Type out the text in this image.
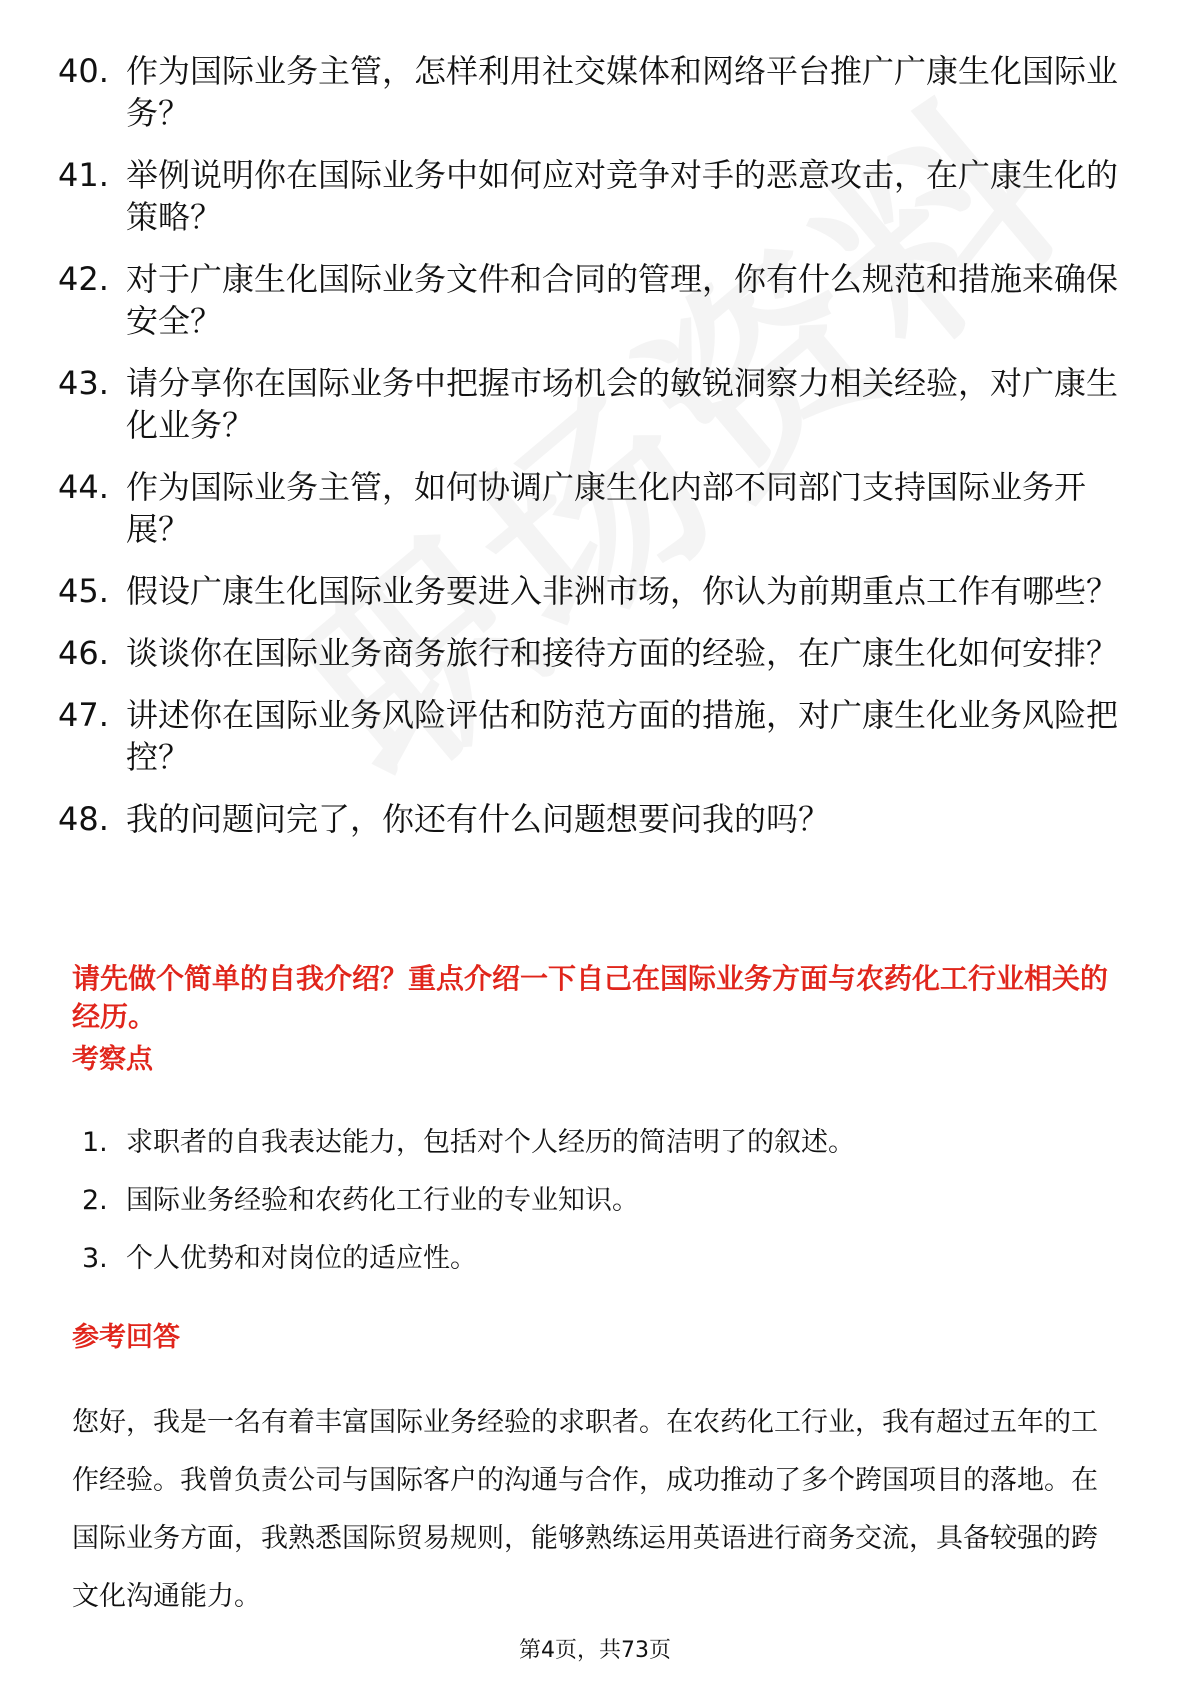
40. 作为国际业务主管，怎样利用社交媒体和网络平台推广广康生化国际业务？
41. 举例说明你在国际业务中如何应对竞争对手的恶意攻击，在广康生化的策略？
42. 对于广康生化国际业务文件和合同的管理，你有什么规范和措施来确保安全？
43. 请分享你在国际业务中把握市场机会的敏锐洞察力相关经验，对广康生化业务？
44. 作为国际业务主管，如何协调广康生化内部不同部门支持国际业务开展？
45. 假设广康生化国际业务要进入非洲市场，你认为前期重点工作有哪些？
46. 谈谈你在国际业务商务旅行和接待方面的经验，在广康生化如何安排？
47. 讲述你在国际业务风险评估和防范方面的措施，对广康生化业务风险把控？
48. 我的问题问完了，你还有什么问题想要问我的吗？
请先做个简单的自我介绍？重点介绍一下自己在国际业务方面与农药化工行业相关的经历。
考察点
1. 求职者的自我表达能力，包括对个人经历的简洁明了的叙述。
2. 国际业务经验和农药化工行业的专业知识。
3. 个人优势和对岗位的适应性。
参考回答
您好，我是一名有着丰富国际业务经验的求职者。在农药化工行业，我有超过五年的工作经验。我曾负责公司与国际客户的沟通与合作，成功推动了多个跨国项目的落地。在国际业务方面，我熟悉国际贸易规则，能够熟练运用英语进行商务交流，具备较强的跨文化沟通能力。
第4页，共73页
